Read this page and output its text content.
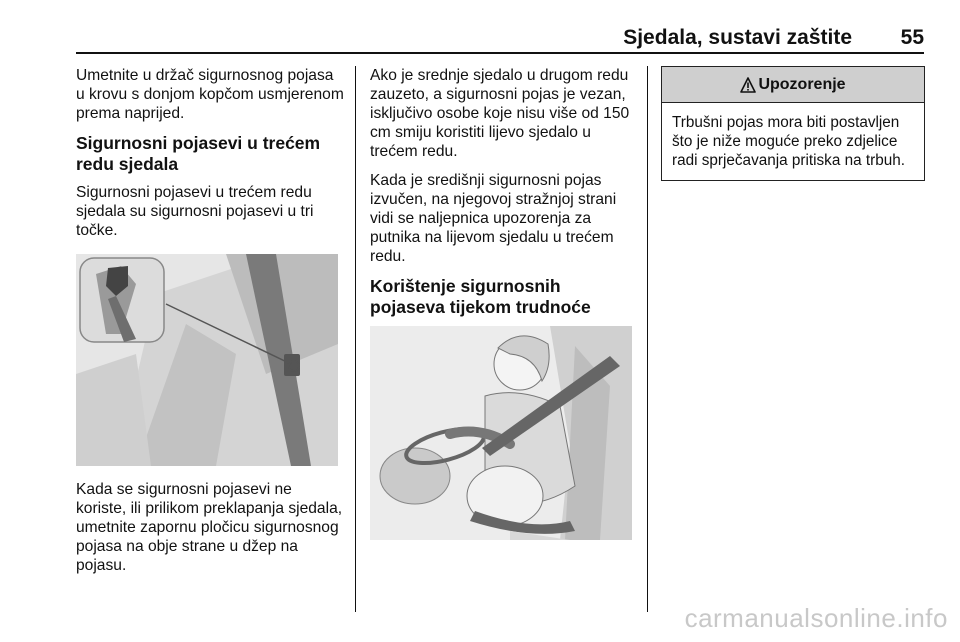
Sjedala, sustavi zaštite 55

Umetnite u držač sigurnosnog pojasa u krovu s donjom kopčom usmjerenom prema naprijed.

Sigurnosni pojasevi u trećem redu sjedala

Sigurnosni pojasevi u trećem redu sjedala su sigurnosni pojasevi u tri točke.

Kada se sigurnosni pojasevi ne koriste, ili prilikom preklapanja sjedala, umetnite zapornu pločicu sigurnosnog pojasa na obje strane u džep na pojasu.

Ako je srednje sjedalo u drugom redu zauzeto, a sigurnosni pojas je vezan, isključivo osobe koje nisu više od 150 cm smiju koristiti lijevo sjedalo u trećem redu.

Kada je središnji sigurnosni pojas izvučen, na njegovoj stražnjoj strani vidi se naljepnica upozorenja za putnika na lijevom sjedalu u trećem redu.

Korištenje sigurnosnih pojaseva tijekom trudnoće
Upozorenje
Trbušni pojas mora biti postavljen što je niže moguće preko zdjelice radi sprječavanja pritiska na trbuh.
carmanualsonline.info
